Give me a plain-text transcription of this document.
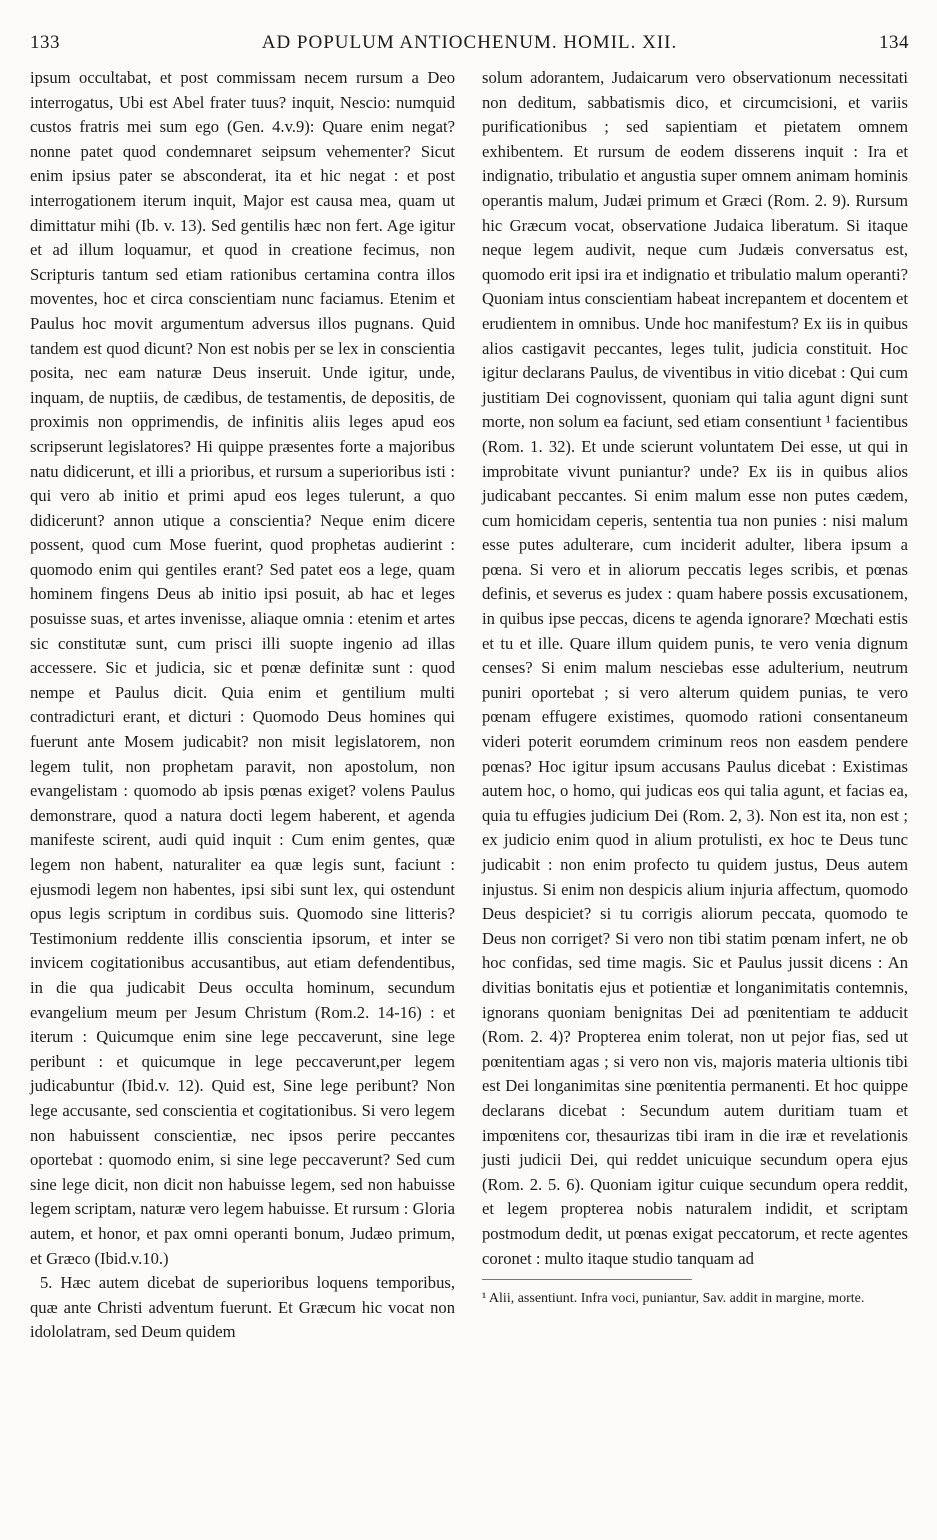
133	AD POPULUM ANTIOCHENUM. HOMIL. XII.	134

ipsum occultabat, et post commissam necem rursum a Deo interrogatus, Ubi est Abel frater tuus? inquit, Nescio: numquid custos fratris mei sum ego (Gen. 4.v.9): Quare enim negat? nonne patet quod condemnaret seipsum vehementer? Sicut enim ipsius pater se absconderat, ita et hic negat : et post interrogationem iterum inquit, Major est causa mea, quam ut dimittatur mihi (Ib. v. 13). Sed gentilis hæc non fert. Age igitur et ad illum loquamur, et quod in creatione fecimus, non Scripturis tantum sed etiam rationibus certamina contra illos moventes, hoc et circa conscientiam nunc faciamus. Etenim et Paulus hoc movit argumentum adversus illos pugnans. Quid tandem est quod dicunt? Non est nobis per se lex in conscientia posita, nec eam naturæ Deus inseruit. Unde igitur, unde, inquam, de nuptiis, de cædibus, de testamentis, de depositis, de proximis non opprimendis, de infinitis aliis leges apud eos scripserunt legislatores? Hi quippe præsentes forte a majoribus natu didicerunt, et illi a prioribus, et rursum a superioribus isti : qui vero ab initio et primi apud eos leges tulerunt, a quo didicerunt? annon utique a conscientia? Neque enim dicere possent, quod cum Mose fuerint, quod prophetas audierint : quomodo enim qui gentiles erant? Sed patet eos a lege, quam hominem fingens Deus ab initio ipsi posuit, ab hac et leges posuisse suas, et artes invenisse, aliaque omnia : etenim et artes sic constitutæ sunt, cum prisci illi suopte ingenio ad illas accessere. Sic et judicia, sic et pœnæ definitæ sunt : quod nempe et Paulus dicit. Quia enim et gentilium multi contradicturi erant, et dicturi : Quomodo Deus homines qui fuerunt ante Mosem judicabit? non misit legislatorem, non legem tulit, non prophetam paravit, non apostolum, non evangelistam : quomodo ab ipsis pœnas exiget? volens Paulus demonstrare, quod a natura docti legem haberent, et agenda manifeste scirent, audi quid inquit : Cum enim gentes, quæ legem non habent, naturaliter ea quæ legis sunt, faciunt : ejusmodi legem non habentes, ipsi sibi sunt lex, qui ostendunt opus legis scriptum in cordibus suis. Quomodo sine litteris? Testimonium reddente illis conscientia ipsorum, et inter se invicem cogitationibus accusantibus, aut etiam defendentibus, in die qua judicabit Deus occulta hominum, secundum evangelium meum per Jesum Christum (Rom.2. 14-16) : et iterum : Quicumque enim sine lege peccaverunt, sine lege peribunt : et quicumque in lege peccaverunt,per legem judicabuntur (Ibid.v. 12). Quid est, Sine lege peribunt? Non lege accusante, sed conscientia et cogitationibus. Si vero legem non habuissent conscientiæ, nec ipsos perire peccantes oportebat : quomodo enim, si sine lege peccaverunt? Sed cum sine lege dicit, non dicit non habuisse legem, sed non habuisse legem scriptam, naturæ vero legem habuisse. Et rursum : Gloria autem, et honor, et pax omni operanti bonum, Judæo primum, et Græco (Ibid.v.10.)

5. Hæc autem dicebat de superioribus loquens temporibus, quæ ante Christi adventum fuerunt. Et Græcum hic vocat non idololatram, sed Deum quidem

solum adorantem, Judaicarum vero observationum necessitati non deditum, sabbatismis dico, et circumcisioni, et variis purificationibus ; sed sapientiam et pietatem omnem exhibentem. Et rursum de eodem disserens inquit : Ira et indignatio, tribulatio et angustia super omnem animam hominis operantis malum, Judæi primum et Græci (Rom. 2. 9). Rursum hic Græcum vocat, observatione Judaica liberatum. Si itaque neque legem audivit, neque cum Judæis conversatus est, quomodo erit ipsi ira et indignatio et tribulatio malum operanti? Quoniam intus conscientiam habeat increpantem et docentem et erudientem in omnibus. Unde hoc manifestum? Ex iis in quibus alios castigavit peccantes, leges tulit, judicia constituit. Hoc igitur declarans Paulus, de viventibus in vitio dicebat : Qui cum justitiam Dei cognovissent, quoniam qui talia agunt digni sunt morte, non solum ea faciunt, sed etiam consentiunt ¹ facientibus (Rom. 1. 32). Et unde scierunt voluntatem Dei esse, ut qui in improbitate vivunt puniantur? unde? Ex iis in quibus alios judicabant peccantes. Si enim malum esse non putes cædem, cum homicidam ceperis, sententia tua non punies : nisi malum esse putes adulterare, cum inciderit adulter, libera ipsum a pœna. Si vero et in aliorum peccatis leges scribis, et pœnas definis, et severus es judex : quam habere possis excusationem, in quibus ipse peccas, dicens te agenda ignorare? Mœchati estis et tu et ille. Quare illum quidem punis, te vero venia dignum censes? Si enim malum nesciebas esse adulterium, neutrum puniri oportebat ; si vero alterum quidem punias, te vero pœnam effugere existimes, quomodo rationi consentaneum videri poterit eorumdem criminum reos non easdem pendere pœnas? Hoc igitur ipsum accusans Paulus dicebat : Existimas autem hoc, o homo, qui judicas eos qui talia agunt, et facias ea, quia tu effugies judicium Dei (Rom. 2, 3). Non est ita, non est ; ex judicio enim quod in alium protulisti, ex hoc te Deus tunc judicabit : non enim profecto tu quidem justus, Deus autem injustus. Si enim non despicis alium injuria affectum, quomodo Deus despiciet? si tu corrigis aliorum peccata, quomodo te Deus non corriget? Si vero non tibi statim pœnam infert, ne ob hoc confidas, sed time magis. Sic et Paulus jussit dicens : An divitias bonitatis ejus et potientiæ et longanimitatis contemnis, ignorans quoniam benignitas Dei ad pœnitentiam te adducit (Rom. 2. 4)? Propterea enim tolerat, non ut pejor fias, sed ut pœnitentiam agas ; si vero non vis, majoris materia ultionis tibi est Dei longanimitas sine pœnitentia permanenti. Et hoc quippe declarans dicebat : Secundum autem duritiam tuam et impœnitens cor, thesaurizas tibi iram in die iræ et revelationis justi judicii Dei, qui reddet unicuique secundum opera ejus (Rom. 2. 5. 6). Quoniam igitur cuique secundum opera reddit, et legem propterea nobis naturalem indidit, et scriptam postmodum dedit, ut pœnas exigat peccatorum, et recte agentes coronet : multo itaque studio tanquam ad

¹ Alii, assentiunt. Infra voci, puniantur, Sav. addit in margine, morte.
